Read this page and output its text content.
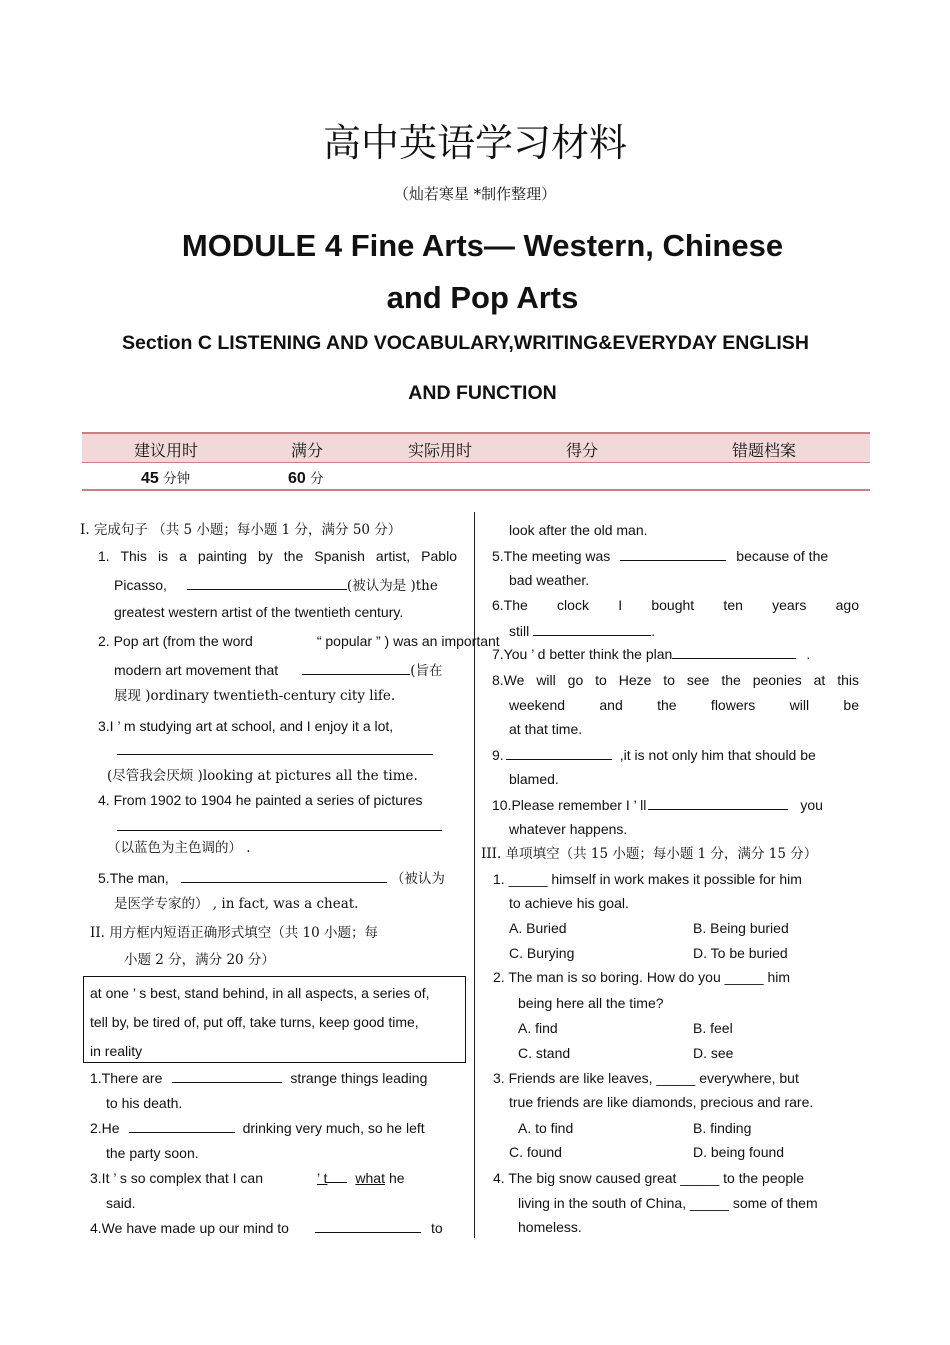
高中英语学习材料
（灿若寒星 *制作整理）
MODULE 4 Fine Arts— Western, Chinese
and Pop Arts
Section C LISTENING AND VOCABULARY,WRITING&EVERYDAY ENGLISH
AND FUNCTION
建议用时	满分	实际用时	得分	错题档案
45 分钟	60 分
I. 完成句子 （共 5 小题；每小题 1 分，满分 50 分）
1. This is a painting by the Spanish artist, Pablo
Picasso,	(被认为是 )the
greatest western artist of the twentieth century.
2. Pop art (from the word	“ popular ” ) was an important
modern art movement that	(旨在
展现 )ordinary twentieth-century city life.
3.I ’ m studying art at school, and I enjoy it a lot,
(尽管我会厌烦 )looking at pictures all the time.
4. From 1902 to 1904 he painted a series of pictures
（以蓝色为主色调的） .
5.The man,	（被认为
是医学专家的） , in fact, was a cheat.
II. 用方框内短语正确形式填空（共 10 小题；每
小题 2 分，满分 20 分）
at one ’ s best, stand behind, in all aspects, a series of,
tell by, be tired of, put off, take turns, keep good time,
in reality
1.There are	strange things leading
to his death.
2.He	drinking very much, so he left
the party soon.
3.It ’ s so complex that I can	’ t what he
said.
4.We have made up our mind to	to
look after the old man.
5.The meeting was	because of the
bad weather.
6.The clock I bought ten years ago
still	.
7.You ’ d better think the plan	.
8.We will go to Heze to see the peonies at this
weekend and the flowers will be
at that time.
9.	,it is not only him that should be
blamed.
10.Please remember I ’ ll	you
whatever happens.
III. 单项填空（共 15 小题；每小题 1 分，满分 15 分）
1. _____ himself in work makes it possible for him
to achieve his goal.
A. Buried	B. Being buried
C. Burying	D. To be buried
2. The man is so boring. How do you _____ him
being here all the time?
A. find	B. feel
C. stand	D. see
3. Friends are like leaves, _____ everywhere, but
true friends are like diamonds, precious and rare.
A. to find	B. finding
C. found	D. being found
4. The big snow caused great _____ to the people
living in the south of China, _____ some of them
homeless.
